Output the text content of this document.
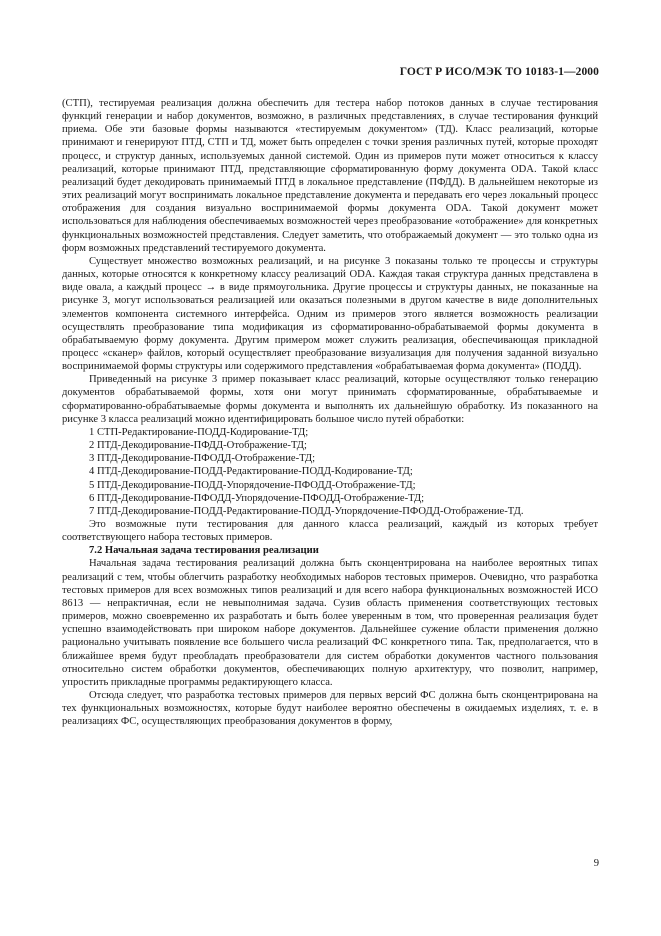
ГОСТ Р ИСО/МЭК ТО 10183-1—2000

(СТП), тестируемая реализация должна обеспечить для тестера набор потоков данных в случае тестирования функций генерации и набор документов, возможно, в различных представлениях, в случае тестирования функций приема. Обе эти базовые формы называются «тестируемым документом» (ТД). Класс реализаций, которые принимают и генерируют ПТД, СТП и ТД, может быть определен с точки зрения различных путей, которые проходят процесс, и структур данных, используемых данной системой. Один из примеров пути может относиться к классу реализаций, которые принимают ПТД, представляющие сформатированную форму документа ODA. Такой класс реализаций будет декодировать принимаемый ПТД в локальное представление (ПФДД). В дальнейшем некоторые из этих реализаций могут воспринимать локальное представление документа и передавать его через локальный процесс отображения для создания визуально воспринимаемой формы документа ODA. Такой документ может использоваться для наблюдения обеспечиваемых возможностей через преобразование «отображение» для конкретных функциональных возможностей представления. Следует заметить, что отображаемый документ — это только одна из форм возможных представлений тестируемого документа.

Существует множество возможных реализаций, и на рисунке 3 показаны только те процессы и структуры данных, которые относятся к конкретному классу реализаций ODA. Каждая такая структура данных представлена в виде овала, а каждый процесс → в виде прямоугольника. Другие процессы и структуры данных, не показанные на рисунке 3, могут использоваться реализацией или оказаться полезными в другом качестве в виде дополнительных элементов компонента системного интерфейса. Одним из примеров этого является возможность реализации осуществлять преобразование типа модификация из сформатированно-обрабатываемой формы документа в обрабатываемую форму документа. Другим примером может служить реализация, обеспечивающая прикладной процесс «сканер» файлов, который осуществляет преобразование визуализация для получения заданной визуально воспринимаемой формы структуры или содержимого представления «обрабатываемая форма документа» (ПОДД).

Приведенный на рисунке 3 пример показывает класс реализаций, которые осуществляют только генерацию документов обрабатываемой формы, хотя они могут принимать сформатированные, обрабатываемые и сформатированно-обрабатываемые формы документа и выполнять их дальнейшую обработку. Из показанного на рисунке 3 класса реализаций можно идентифицировать большое число путей обработки:

1 СТП-Редактирование-ПОДД-Кодирование-ТД;
2 ПТД-Декодирование-ПФДД-Отображение-ТД;
3 ПТД-Декодирование-ПФОДД-Отображение-ТД;
4 ПТД-Декодирование-ПОДД-Редактирование-ПОДД-Кодирование-ТД;
5 ПТД-Декодирование-ПОДД-Упорядочение-ПФОДД-Отображение-ТД;
6 ПТД-Декодирование-ПФОДД-Упорядочение-ПФОДД-Отображение-ТД;
7 ПТД-Декодирование-ПОДД-Редактирование-ПОДД-Упорядочение-ПФОДД-Отображение-ТД.

Это возможные пути тестирования для данного класса реализаций, каждый из которых требует соответствующего набора тестовых примеров.

7.2 Начальная задача тестирования реализации

Начальная задача тестирования реализаций должна быть сконцентрирована на наиболее вероятных типах реализаций с тем, чтобы облегчить разработку необходимых наборов тестовых примеров. Очевидно, что разработка тестовых примеров для всех возможных типов реализаций и для всего набора функциональных возможностей ИСО 8613 — непрактичная, если не невыполнимая задача. Сузив область применения соответствующих тестовых примеров, можно своевременно их разработать и быть более уверенным в том, что проверенная реализация будет успешно взаимодействовать при широком наборе документов. Дальнейшее сужение области применения должно рационально учитывать появление все большего числа реализаций ФС конкретного типа. Так, предполагается, что в ближайшее время будут преобладать преобразователи для систем обработки документов частного пользования относительно систем обработки документов, обеспечивающих полную архитектуру, что позволит, например, упростить прикладные программы редактирующего класса.

Отсюда следует, что разработка тестовых примеров для первых версий ФС должна быть сконцентрирована на тех функциональных возможностях, которые будут наиболее вероятно обеспечены в ожидаемых изделиях, т. е. в реализациях ФС, осуществляющих преобразования документов в форму,

9
